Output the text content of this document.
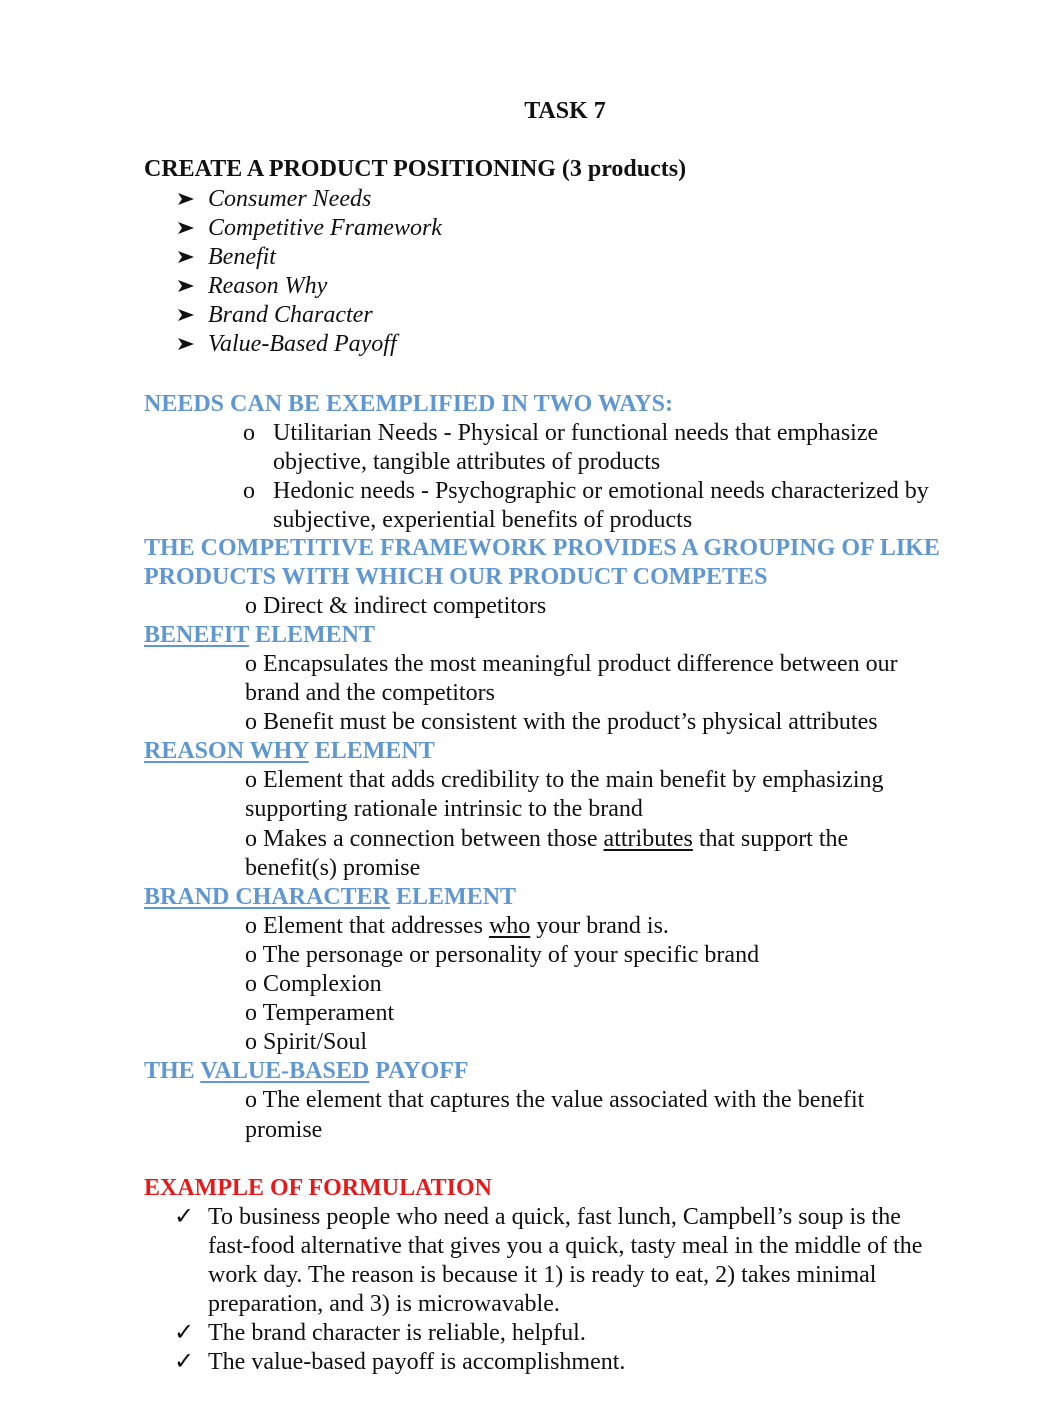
TASK 7
CREATE A PRODUCT POSITIONING (3 products)
Consumer Needs
Competitive Framework
Benefit
Reason Why
Brand Character
Value-Based Payoff
NEEDS CAN BE EXEMPLIFIED IN TWO WAYS:
o Utilitarian Needs - Physical or functional needs that emphasize
objective, tangible attributes of products
o Hedonic needs - Psychographic or emotional needs characterized by
subjective, experiential benefits of products
THE COMPETITIVE FRAMEWORK PROVIDES A GROUPING OF LIKE
PRODUCTS WITH WHICH OUR PRODUCT COMPETES
o Direct & indirect competitors
BENEFIT ELEMENT
o Encapsulates the most meaningful product difference between our
brand and the competitors
o Benefit must be consistent with the product’s physical attributes
REASON WHY ELEMENT
o Element that adds credibility to the main benefit by emphasizing
supporting rationale intrinsic to the brand
o Makes a connection between those attributes that support the
benefit(s) promise
BRAND CHARACTER ELEMENT
o Element that addresses who your brand is.
o The personage or personality of your specific brand
o Complexion
o Temperament
o Spirit/Soul
THE VALUE-BASED PAYOFF
o The element that captures the value associated with the benefit
promise
EXAMPLE OF FORMULATION
✓ To business people who need a quick, fast lunch, Campbell’s soup is the
fast-food alternative that gives you a quick, tasty meal in the middle of the
work day. The reason is because it 1) is ready to eat, 2) takes minimal
preparation, and 3) is microwavable.
✓ The brand character is reliable, helpful.
✓ The value-based payoff is accomplishment.
